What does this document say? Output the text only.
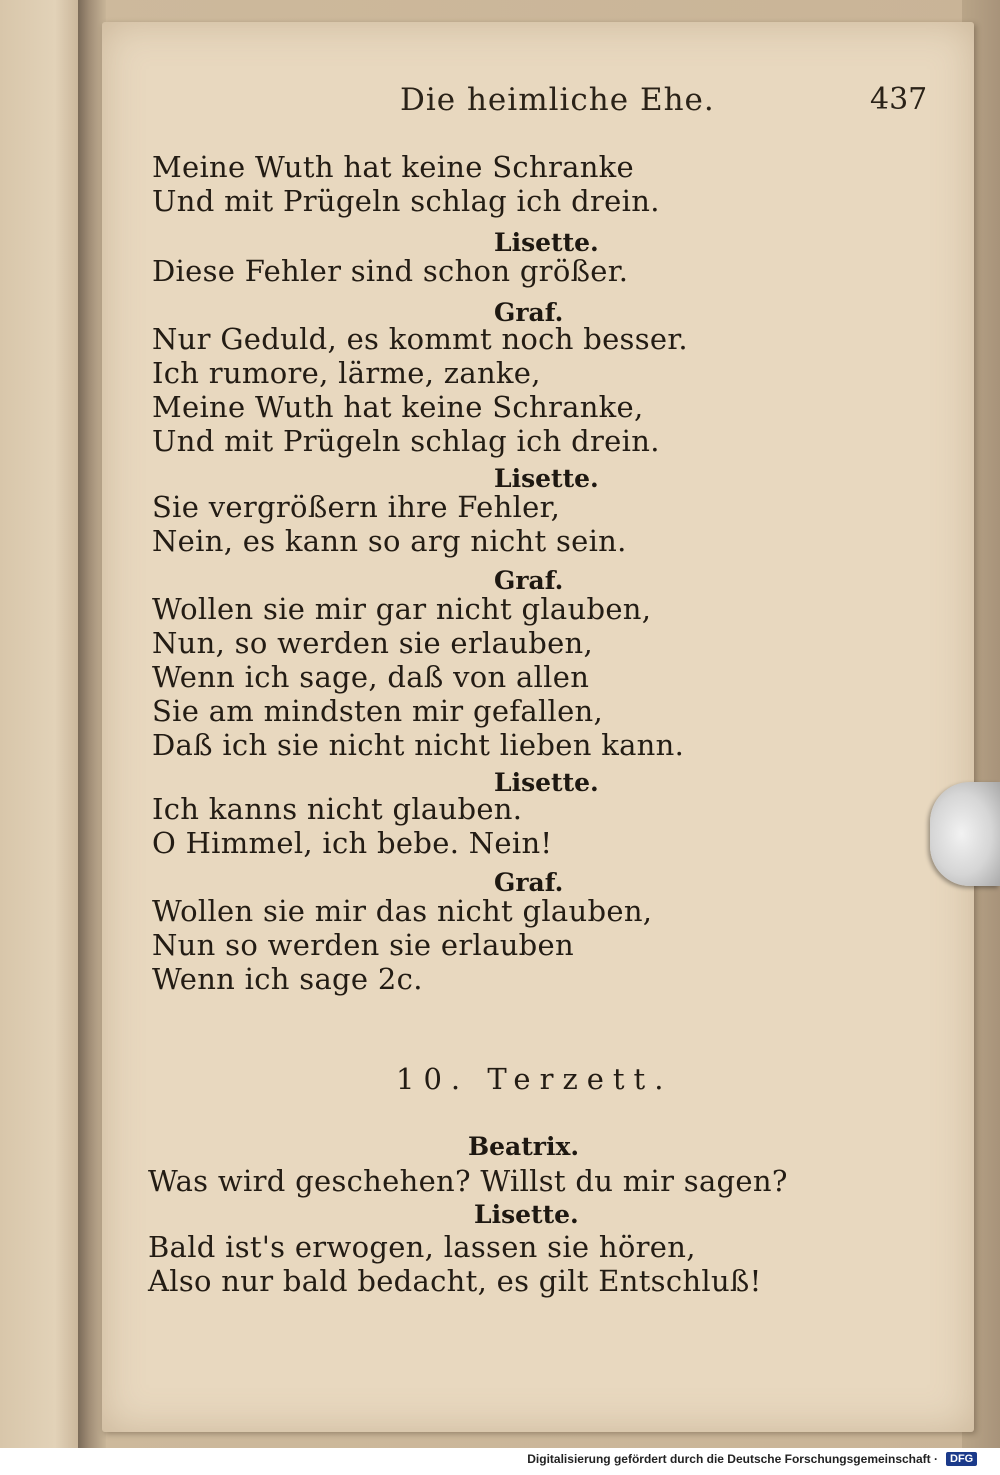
Die heimliche Ehe.	437
Meine Wuth hat keine Schranke
Und mit Prügeln schlag ich drein.
Lisette.
Diese Fehler sind schon größer.
Graf.
Nur Geduld, es kommt noch besser.
Ich rumore, lärme, zanke,
Meine Wuth hat keine Schranke,
Und mit Prügeln schlag ich drein.
Lisette.
Sie vergrößern ihre Fehler,
Nein, es kann so arg nicht sein.
Graf.
Wollen sie mir gar nicht glauben,
Nun, so werden sie erlauben,
Wenn ich sage, daß von allen
Sie am mindsten mir gefallen,
Daß ich sie nicht nicht lieben kann.
Lisette.
Ich kanns nicht glauben.
O Himmel, ich bebe. Nein!
Graf.
Wollen sie mir das nicht glauben,
Nun so werden sie erlauben
Wenn ich sage 2c.
10. Terzett.
Beatrix.
Was wird geschehen? Willst du mir sagen?
Lisette.
Bald ist's erwogen, lassen sie hören,
Also nur bald bedacht, es gilt Entschluß!
Digitalisierung gefördert durch die Deutsche Forschungsgemeinschaft ·	DFG
